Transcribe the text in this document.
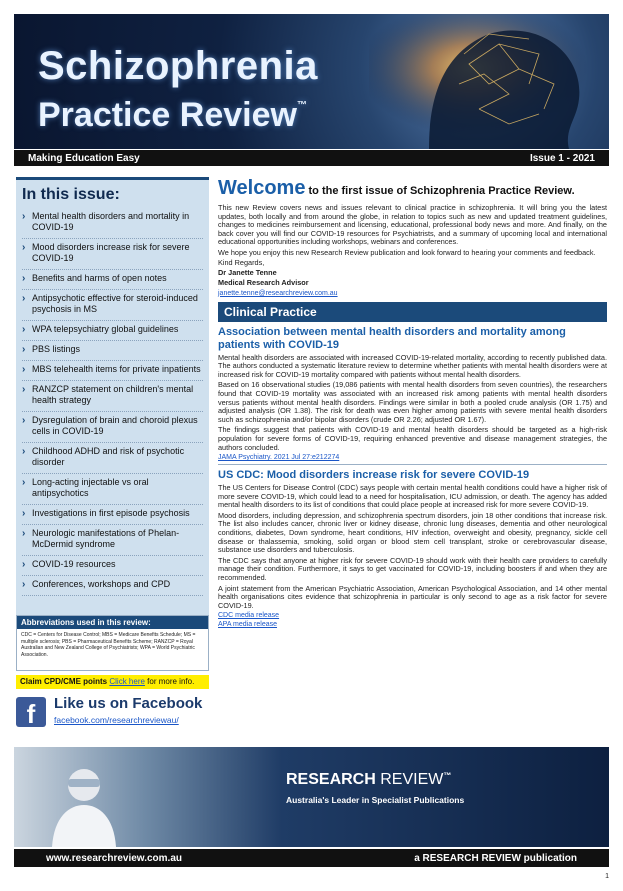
Schizophrenia
Practice Review™
Making Education Easy	Issue 1 - 2021
In this issue:
› Mental health disorders and mortality in COVID-19
› Mood disorders increase risk for severe COVID-19
› Benefits and harms of open notes
› Antipsychotic effective for steroid-induced psychosis in MS
› WPA telepsychiatry global guidelines
› PBS listings
› MBS telehealth items for private inpatients
› RANZCP statement on children's mental health strategy
› Dysregulation of brain and choroid plexus cells in COVID-19
› Childhood ADHD and risk of psychotic disorder
› Long-acting injectable vs oral antipsychotics
› Investigations in first episode psychosis
› Neurologic manifestations of Phelan-McDermid syndrome
› COVID-19 resources
› Conferences, workshops and CPD
Abbreviations used in this review:
CDC = Centers for Disease Control; MBS = Medicare Benefits Schedule; MS = multiple sclerosis; PBS = Pharmaceutical Benefits Scheme; RANZCP = Royal Australian and New Zealand College of Psychiatrists; WPA = World Psychiatric Association.
Claim CPD/CME points Click here for more info.
f	Like us on Facebook
facebook.com/researchreviewau/
Welcome to the first issue of Schizophrenia Practice Review.

This new Review covers news and issues relevant to clinical practice in schizophrenia. It will bring you the latest updates, both locally and from around the globe, in relation to topics such as new and updated treatment guidelines, changes to medicines reimbursement and licensing, educational, professional body news and more. And finally, on the back cover you will find our COVID-19 resources for Psychiatrists, and a summary of upcoming local and international educational opportunities including workshops, webinars and conferences.

We hope you enjoy this new Research Review publication and look forward to hearing your comments and feedback.

Kind Regards,
Dr Janette Tenne
Medical Research Advisor
janette.tenne@researchreview.com.au
Clinical Practice
Association between mental health disorders and mortality among patients with COVID-19

Mental health disorders are associated with increased COVID-19-related mortality, according to recently published data. The authors conducted a systematic literature review to determine whether patients with mental health disorders were at increased risk for COVID-19 mortality compared with patients without mental health disorders.

Based on 16 observational studies (19,086 patients with mental health disorders from seven countries), the researchers found that COVID-19 mortality was associated with an increased risk among patients with mental health disorders versus patients without mental health disorders. Findings were similar in both a pooled crude analysis (OR 1.75) and adjusted analysis (OR 1.38). The risk for death was even higher among patients with severe mental health disorders such as schizophrenia and/or bipolar disorders (crude OR 2.26; adjusted OR 1.67).

The findings suggest that patients with COVID-19 and mental health disorders should be targeted as a high-risk population for severe forms of COVID-19, requiring enhanced preventive and disease management strategies, the authors concluded.

JAMA Psychiatry. 2021 Jul 27:e212274
US CDC: Mood disorders increase risk for severe COVID-19

The US Centers for Disease Control (CDC) says people with certain mental health conditions could have a higher risk of more severe COVID-19, which could lead to a need for hospitalisation, ICU admission, or death. The agency has added mental health disorders to its list of conditions that could place people at increased risk for more severe COVID-19.

Mood disorders, including depression, and schizophrenia spectrum disorders, join 18 other conditions that increase risk. The list also includes cancer, chronic liver or kidney disease, chronic lung diseases, dementia and other neurological conditions, diabetes, Down syndrome, heart conditions, HIV infection, overweight and obesity, pregnancy, sickle cell disease or thalassemia, smoking, solid organ or blood stem cell transplant, stroke or cerebrovascular disease, substance use disorders and tuberculosis.

The CDC says that anyone at higher risk for severe COVID-19 should work with their health care providers to carefully manage their condition. Furthermore, it says to get vaccinated for COVID-19, including boosters if and when they are recommended.

A joint statement from the American Psychiatric Association, American Psychological Association, and 14 other mental health organisations cites evidence that schizophrenia in particular is only second to age as a risk factor for severe COVID-19.

CDC media release
APA media release
RESEARCH REVIEW™
Australia's Leader in Specialist Publications
www.researchreview.com.au	a RESEARCH REVIEW publication
1
